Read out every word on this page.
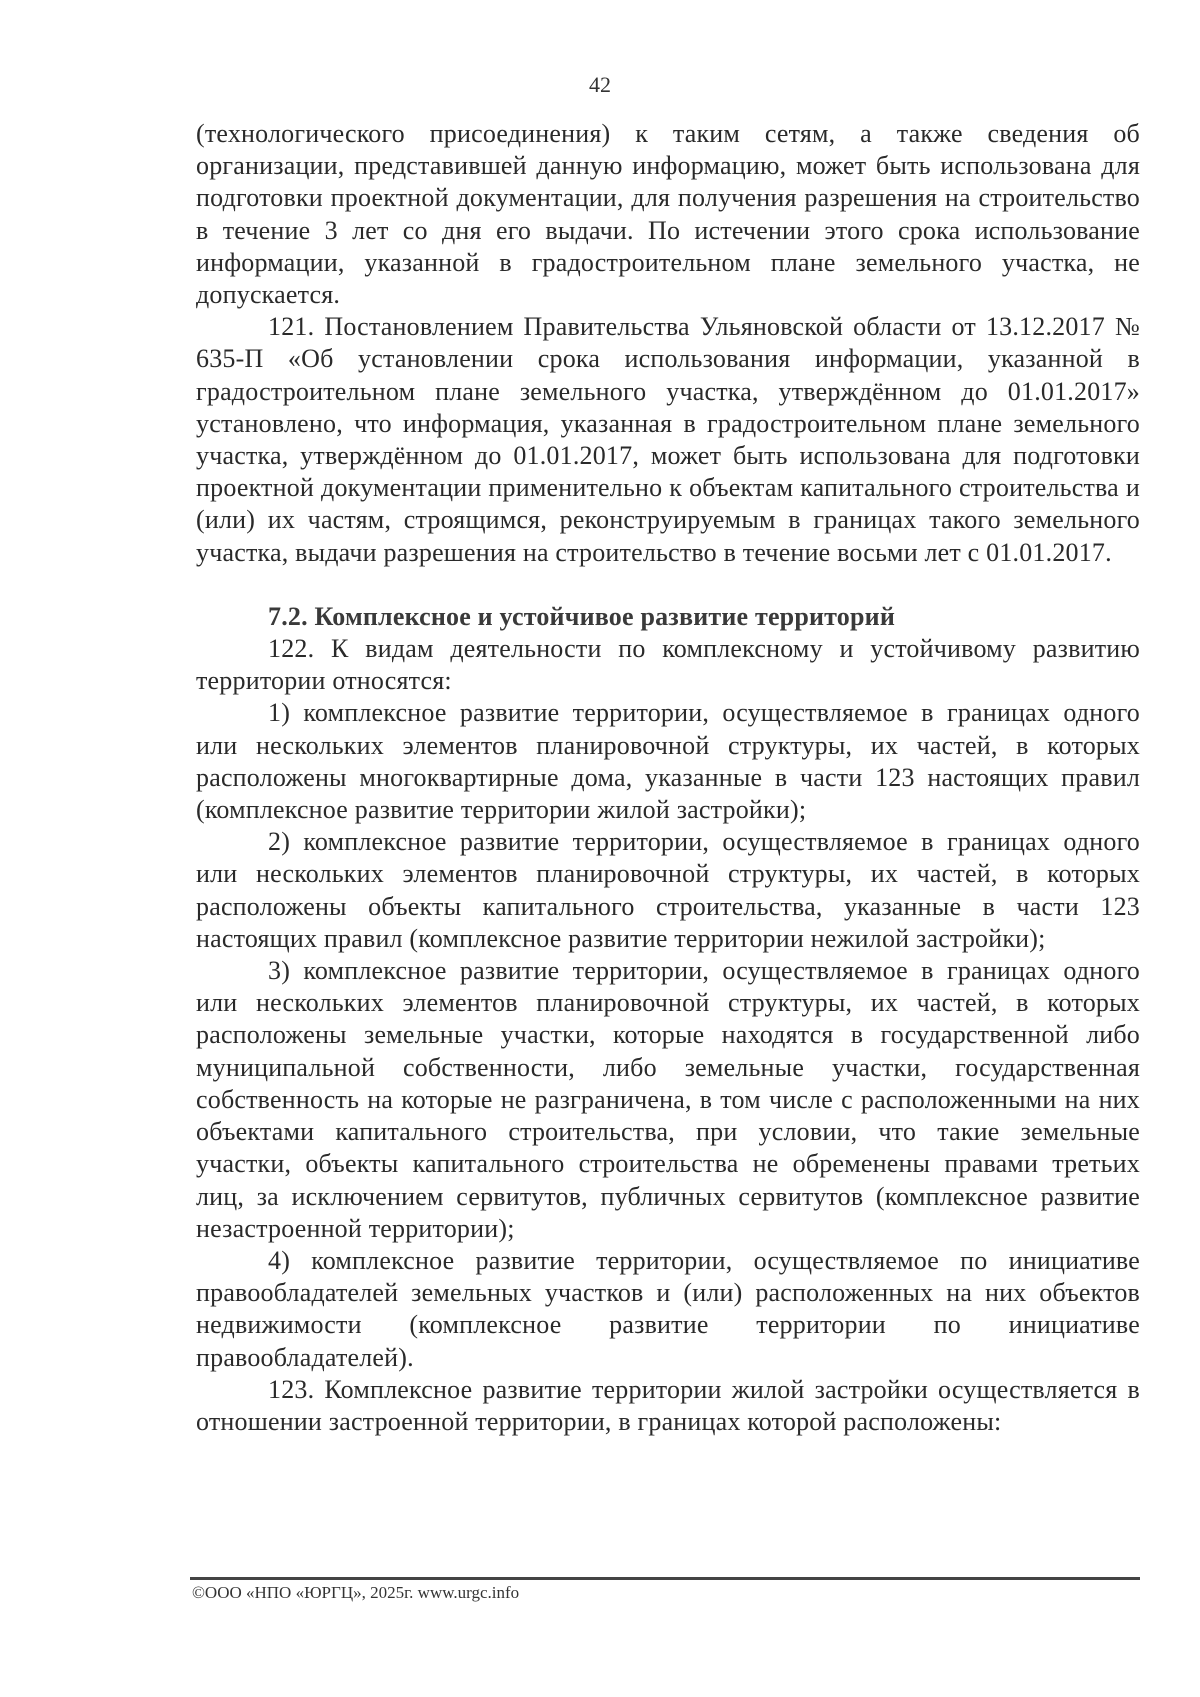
42

(технологического присоединения) к таким сетям, а также сведения об организации, представившей данную информацию, может быть использована для подготовки проектной документации, для получения разрешения на строительство в течение 3 лет со дня его выдачи. По истечении этого срока использование информации, указанной в градостроительном плане земельного участка, не допускается.

121. Постановлением Правительства Ульяновской области от 13.12.2017 № 635-П «Об установлении срока использования информации, указанной в градостроительном плане земельного участка, утверждённом до 01.01.2017» установлено, что информация, указанная в градостроительном плане земельного участка, утверждённом до 01.01.2017, может быть использована для подготовки проектной документации применительно к объектам капитального строительства и (или) их частям, строящимся, реконструируемым в границах такого земельного участка, выдачи разрешения на строительство в течение восьми лет с 01.01.2017.

7.2. Комплексное и устойчивое развитие территорий

122. К видам деятельности по комплексному и устойчивому развитию территории относятся:

1) комплексное развитие территории, осуществляемое в границах одного или нескольких элементов планировочной структуры, их частей, в которых расположены многоквартирные дома, указанные в части 123 настоящих правил (комплексное развитие территории жилой застройки);

2) комплексное развитие территории, осуществляемое в границах одного или нескольких элементов планировочной структуры, их частей, в которых расположены объекты капитального строительства, указанные в части 123 настоящих правил (комплексное развитие территории нежилой застройки);

3) комплексное развитие территории, осуществляемое в границах одного или нескольких элементов планировочной структуры, их частей, в которых расположены земельные участки, которые находятся в государственной либо муниципальной собственности, либо земельные участки, государственная собственность на которые не разграничена, в том числе с расположенными на них объектами капитального строительства, при условии, что такие земельные участки, объекты капитального строительства не обременены правами третьих лиц, за исключением сервитутов, публичных сервитутов (комплексное развитие незастроенной территории);

4) комплексное развитие территории, осуществляемое по инициативе правообладателей земельных участков и (или) расположенных на них объектов недвижимости (комплексное развитие территории по инициативе правообладателей).

123. Комплексное развитие территории жилой застройки осуществляется в отношении застроенной территории, в границах которой расположены:

©ООО «НПО «ЮРГЦ», 2025г. www.urgc.info
